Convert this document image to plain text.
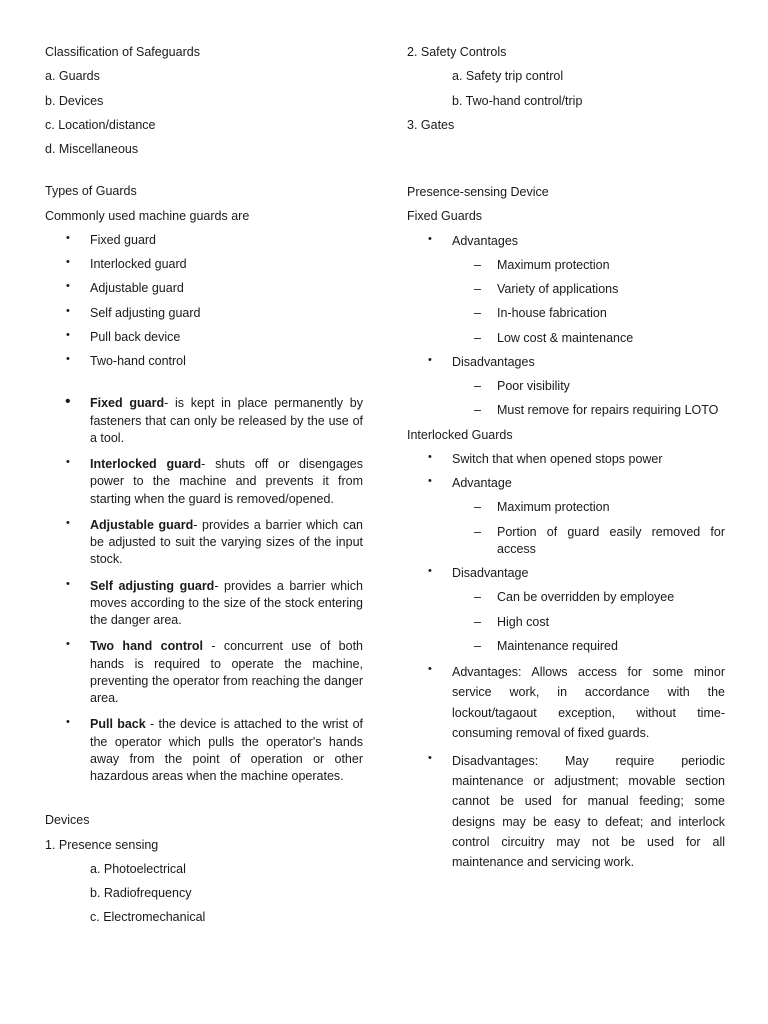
Classification of Safeguards
a. Guards
b. Devices
c. Location/distance
d. Miscellaneous
Types of Guards
Commonly used machine guards are
• Fixed guard
• Interlocked guard
• Adjustable guard
• Self adjusting guard
• Pull back device
• Two-hand control
• Fixed guard- is kept in place permanently by fasteners that can only be released by the use of a tool.
• Interlocked guard- shuts off or disengages power to the machine and prevents it from starting when the guard is removed/opened.
• Adjustable guard- provides a barrier which can be adjusted to suit the varying sizes of the input stock.
• Self adjusting guard- provides a barrier which moves according to the size of the stock entering the danger area.
• Two hand control - concurrent use of both hands is required to operate the machine, preventing the operator from reaching the danger area.
• Pull back - the device is attached to the wrist of the operator which pulls the operator's hands away from the point of operation or other hazardous areas when the machine operates.
Devices
1. Presence sensing
a. Photoelectrical
b. Radiofrequency
c. Electromechanical
2. Safety Controls
a. Safety trip control
b. Two-hand control/trip
3. Gates
Presence-sensing Device
Fixed Guards
• Advantages
– Maximum protection
– Variety of applications
– In-house fabrication
– Low cost & maintenance
• Disadvantages
– Poor visibility
– Must remove for repairs requiring LOTO
Interlocked Guards
• Switch that when opened stops power
• Advantage
– Maximum protection
– Portion of guard easily removed for access
• Disadvantage
– Can be overridden by employee
– High cost
– Maintenance required
• Advantages: Allows access for some minor service work, in accordance with the lockout/tagaout exception, without time-consuming removal of fixed guards.
• Disadvantages: May require periodic maintenance or adjustment; movable section cannot be used for manual feeding; some designs may be easy to defeat; and interlock control circuitry may not be used for all maintenance and servicing work.
